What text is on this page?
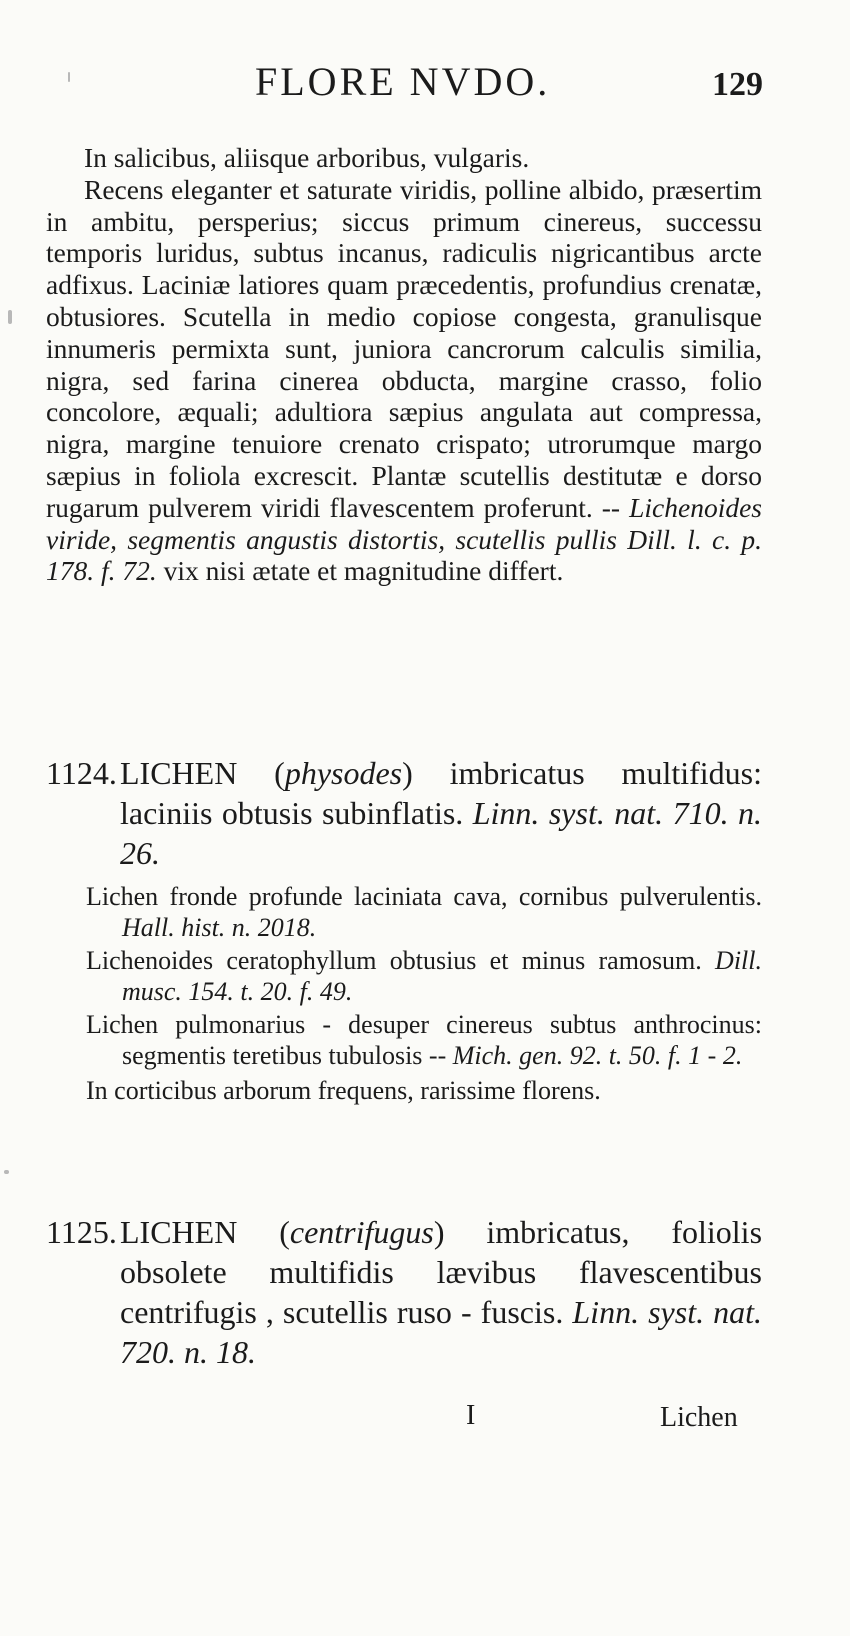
FLORE NVDO.	129
In salicibus, aliisque arboribus, vulgaris.
Recens eleganter et saturate viridis, polline albido, præsertim in ambitu, persperius; siccus primum cinereus, successu temporis luridus, subtus incanus, radiculis nigricantibus arcte adfixus. Laciniæ latiores quam præcedentis, profundius crenatæ, obtusiores. Scutella in medio copiose congesta, granulisque innumeris permixta sunt, juniora cancrorum calculis similia, nigra, sed farina cinerea obducta, margine crasso, folio concolore, æquali; adultiora sæpius angulata aut compressa, nigra, margine tenuiore crenato crispato; utrorumque margo sæpius in foliola excrescit. Plantæ scutellis destitutæ e dorso rugarum pulverem viridi flavescentem proferunt. -- Lichenoides viride, segmentis angustis distortis, scutellis pullis Dill. l. c. p. 178. f. 72. vix nisi ætate et magnitudine differt.
1124.LICHEN (physodes) imbricatus multifidus: laciniis obtusis subinflatis. Linn. syst. nat. 710. n. 26.
Lichen fronde profunde laciniata cava, cornibus pulverulentis. Hall. hist. n. 2018.
Lichenoides ceratophyllum obtusius et minus ramosum. Dill. musc. 154. t. 20. f. 49.
Lichen pulmonarius - desuper cinereus subtus anthrocinus: segmentis teretibus tubulosis -- Mich. gen. 92. t. 50. f. 1 - 2.
In corticibus arborum frequens, rarissime florens.
1125.LICHEN (centrifugus) imbricatus, foliolis obsolete multifidis lævibus flavescentibus centrifugis , scutellis ruso - fuscis. Linn. syst. nat. 720. n. 18.
I	Lichen
